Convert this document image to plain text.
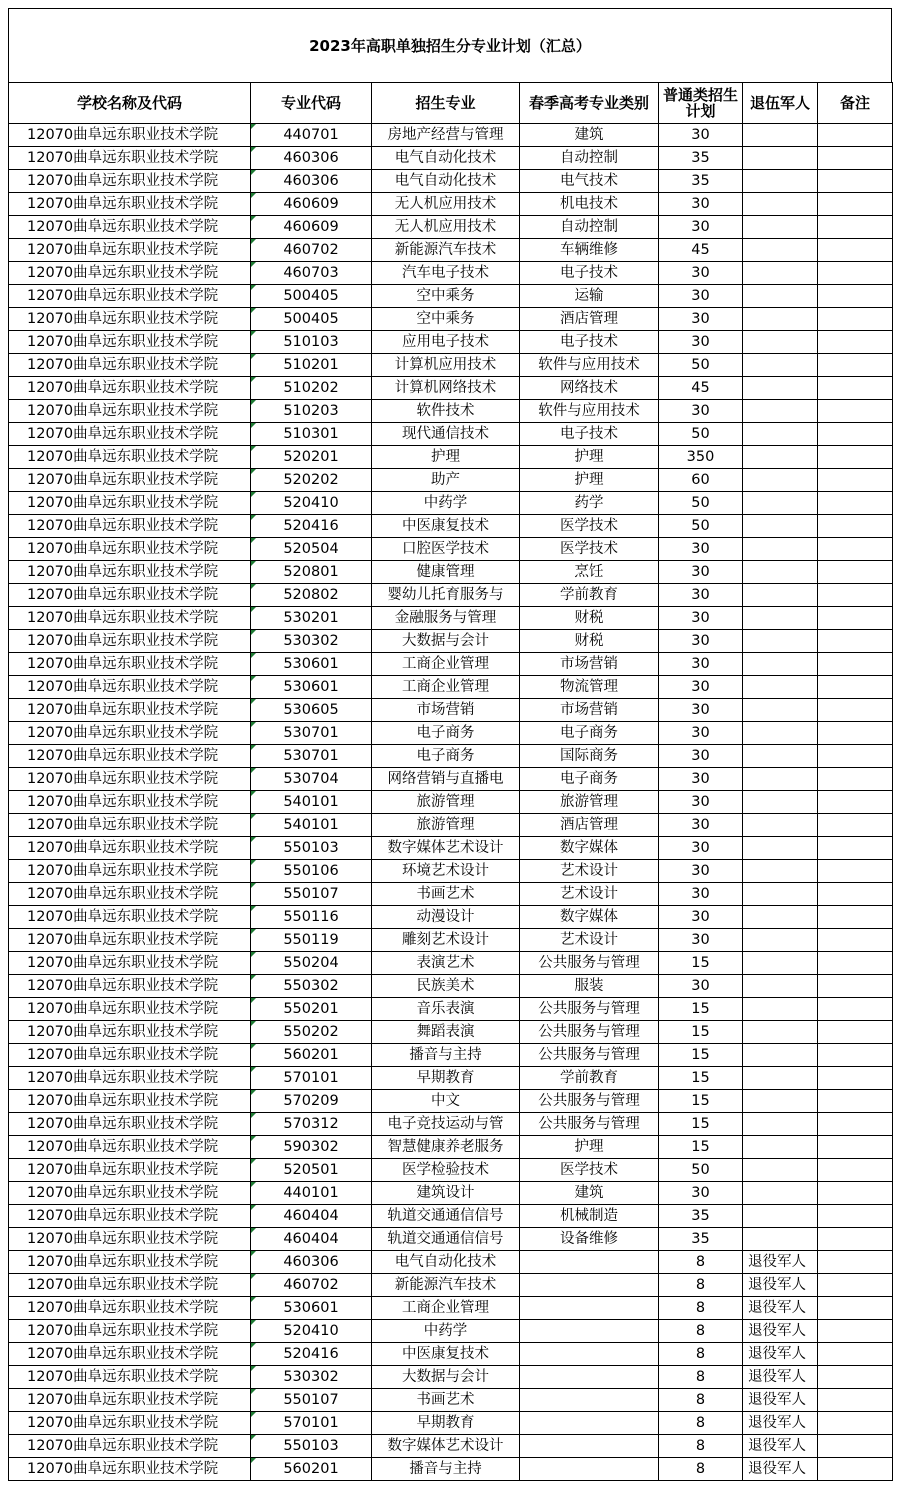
2023年高职单独招生分专业计划（汇总）
学校名称及代码	专业代码	招生专业	春季高考专业类别	普通类招生计划	退伍军人	备注
12070曲阜远东职业技术学院	440701	房地产经营与管理	建筑	30		
12070曲阜远东职业技术学院	460306	电气自动化技术	自动控制	35		
12070曲阜远东职业技术学院	460306	电气自动化技术	电气技术	35		
12070曲阜远东职业技术学院	460609	无人机应用技术	机电技术	30		
12070曲阜远东职业技术学院	460609	无人机应用技术	自动控制	30		
12070曲阜远东职业技术学院	460702	新能源汽车技术	车辆维修	45		
12070曲阜远东职业技术学院	460703	汽车电子技术	电子技术	30		
12070曲阜远东职业技术学院	500405	空中乘务	运输	30		
12070曲阜远东职业技术学院	500405	空中乘务	酒店管理	30		
12070曲阜远东职业技术学院	510103	应用电子技术	电子技术	30		
12070曲阜远东职业技术学院	510201	计算机应用技术	软件与应用技术	50		
12070曲阜远东职业技术学院	510202	计算机网络技术	网络技术	45		
12070曲阜远东职业技术学院	510203	软件技术	软件与应用技术	30		
12070曲阜远东职业技术学院	510301	现代通信技术	电子技术	50		
12070曲阜远东职业技术学院	520201	护理	护理	350		
12070曲阜远东职业技术学院	520202	助产	护理	60		
12070曲阜远东职业技术学院	520410	中药学	药学	50		
12070曲阜远东职业技术学院	520416	中医康复技术	医学技术	50		
12070曲阜远东职业技术学院	520504	口腔医学技术	医学技术	30		
12070曲阜远东职业技术学院	520801	健康管理	烹饪	30		
12070曲阜远东职业技术学院	520802	婴幼儿托育服务与	学前教育	30		
12070曲阜远东职业技术学院	530201	金融服务与管理	财税	30		
12070曲阜远东职业技术学院	530302	大数据与会计	财税	30		
12070曲阜远东职业技术学院	530601	工商企业管理	市场营销	30		
12070曲阜远东职业技术学院	530601	工商企业管理	物流管理	30		
12070曲阜远东职业技术学院	530605	市场营销	市场营销	30		
12070曲阜远东职业技术学院	530701	电子商务	电子商务	30		
12070曲阜远东职业技术学院	530701	电子商务	国际商务	30		
12070曲阜远东职业技术学院	530704	网络营销与直播电	电子商务	30		
12070曲阜远东职业技术学院	540101	旅游管理	旅游管理	30		
12070曲阜远东职业技术学院	540101	旅游管理	酒店管理	30		
12070曲阜远东职业技术学院	550103	数字媒体艺术设计	数字媒体	30		
12070曲阜远东职业技术学院	550106	环境艺术设计	艺术设计	30		
12070曲阜远东职业技术学院	550107	书画艺术	艺术设计	30		
12070曲阜远东职业技术学院	550116	动漫设计	数字媒体	30		
12070曲阜远东职业技术学院	550119	雕刻艺术设计	艺术设计	30		
12070曲阜远东职业技术学院	550204	表演艺术	公共服务与管理	15		
12070曲阜远东职业技术学院	550302	民族美术	服装	30		
12070曲阜远东职业技术学院	550201	音乐表演	公共服务与管理	15		
12070曲阜远东职业技术学院	550202	舞蹈表演	公共服务与管理	15		
12070曲阜远东职业技术学院	560201	播音与主持	公共服务与管理	15		
12070曲阜远东职业技术学院	570101	早期教育	学前教育	15		
12070曲阜远东职业技术学院	570209	中文	公共服务与管理	15		
12070曲阜远东职业技术学院	570312	电子竞技运动与管	公共服务与管理	15		
12070曲阜远东职业技术学院	590302	智慧健康养老服务	护理	15		
12070曲阜远东职业技术学院	520501	医学检验技术	医学技术	50		
12070曲阜远东职业技术学院	440101	建筑设计	建筑	30		
12070曲阜远东职业技术学院	460404	轨道交通通信信号	机械制造	35		
12070曲阜远东职业技术学院	460404	轨道交通通信信号	设备维修	35		
12070曲阜远东职业技术学院	460306	电气自动化技术		8	退役军人	
12070曲阜远东职业技术学院	460702	新能源汽车技术		8	退役军人	
12070曲阜远东职业技术学院	530601	工商企业管理		8	退役军人	
12070曲阜远东职业技术学院	520410	中药学		8	退役军人	
12070曲阜远东职业技术学院	520416	中医康复技术		8	退役军人	
12070曲阜远东职业技术学院	530302	大数据与会计		8	退役军人	
12070曲阜远东职业技术学院	550107	书画艺术		8	退役军人	
12070曲阜远东职业技术学院	570101	早期教育		8	退役军人	
12070曲阜远东职业技术学院	550103	数字媒体艺术设计		8	退役军人	
12070曲阜远东职业技术学院	560201	播音与主持		8	退役军人	
